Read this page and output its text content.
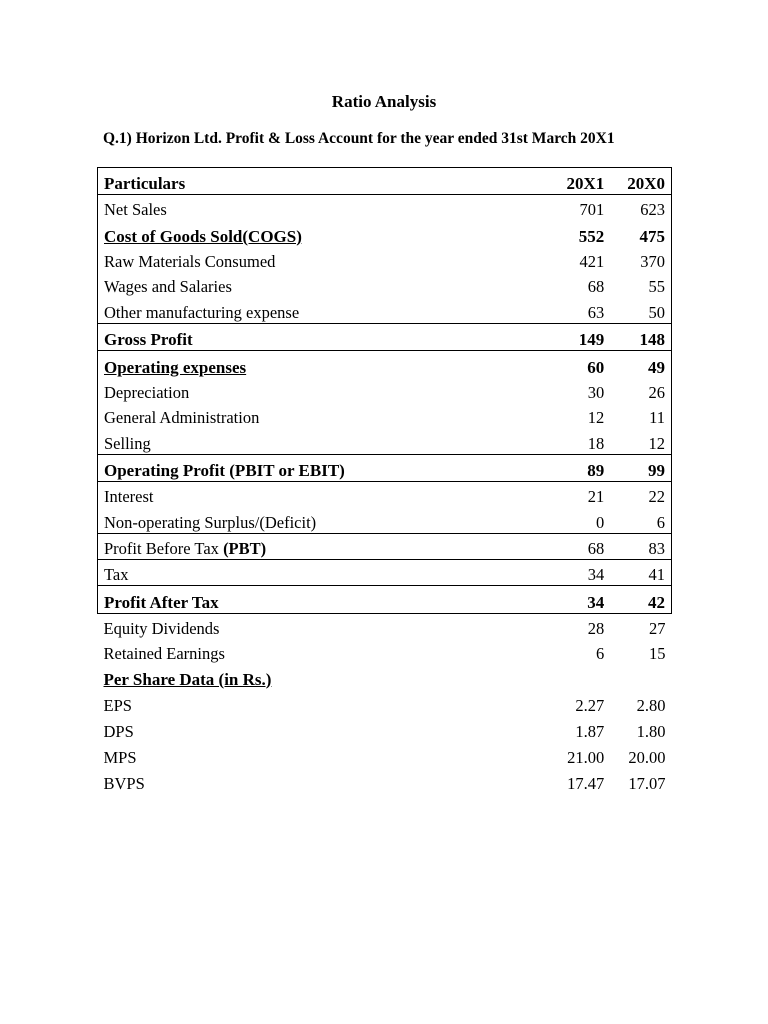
Ratio Analysis
Q.1) Horizon Ltd. Profit & Loss Account for the year ended 31st March 20X1
Particulars	20X1	20X0
Net Sales	701	623
Cost of Goods Sold(COGS)	552	475
Raw Materials Consumed	421	370
Wages and Salaries	68	55
Other manufacturing expense	63	50
Gross Profit	149	148
Operating expenses	60	49
Depreciation	30	26
General Administration	12	11
Selling	18	12
Operating Profit (PBIT or EBIT)	89	99
Interest	21	22
Non-operating Surplus/(Deficit)	0	6
Profit Before Tax (PBT)	68	83
Tax	34	41
Profit After Tax	34	42
Equity Dividends	28	27
Retained Earnings	6	15
Per Share Data (in Rs.)		
EPS	2.27	2.80
DPS	1.87	1.80
MPS	21.00	20.00
BVPS	17.47	17.07
